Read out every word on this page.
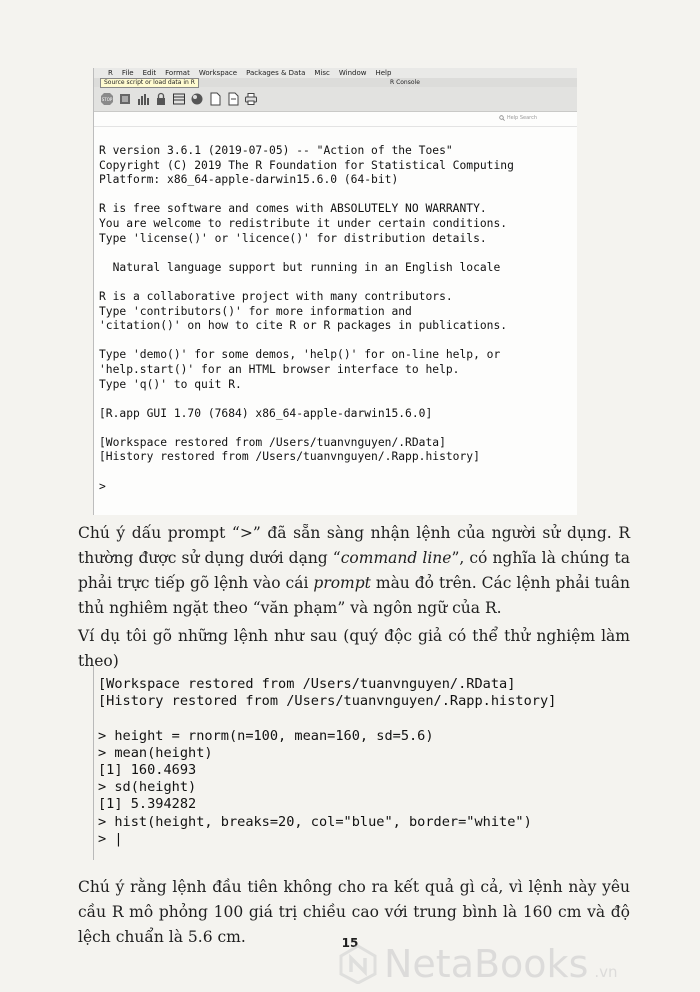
R File Edit Format Workspace Packages & Data Misc Window Help
Source script or load data in R	R Console
STOP
Help Search
R version 3.6.1 (2019-07-05) -- "Action of the Toes"
Copyright (C) 2019 The R Foundation for Statistical Computing
Platform: x86_64-apple-darwin15.6.0 (64-bit)

R is free software and comes with ABSOLUTELY NO WARRANTY.
You are welcome to redistribute it under certain conditions.
Type 'license()' or 'licence()' for distribution details.

Natural language support but running in an English locale

R is a collaborative project with many contributors.
Type 'contributors()' for more information and
'citation()' on how to cite R or R packages in publications.

Type 'demo()' for some demos, 'help()' for on-line help, or
'help.start()' for an HTML browser interface to help.
Type 'q()' to quit R.

[R.app GUI 1.70 (7684) x86_64-apple-darwin15.6.0]

[Workspace restored from /Users/tuanvnguyen/.RData]
[History restored from /Users/tuanvnguyen/.Rapp.history]

>

Chú ý dấu prompt “>” đã sẵn sàng nhận lệnh của người sử dụng. R thường được sử dụng dưới dạng “command line”, có nghĩa là chúng ta phải trực tiếp gõ lệnh vào cái prompt màu đỏ trên. Các lệnh phải tuân thủ nghiêm ngặt theo “văn phạm” và ngôn ngữ của R.

Ví dụ tôi gõ những lệnh như sau (quý độc giả có thể thử nghiệm làm theo)

[Workspace restored from /Users/tuanvnguyen/.RData]
[History restored from /Users/tuanvnguyen/.Rapp.history]

> height = rnorm(n=100, mean=160, sd=5.6)
> mean(height)
[1] 160.4693
> sd(height)
[1] 5.394282
> hist(height, breaks=20, col="blue", border="white")
> |

Chú ý rằng lệnh đầu tiên không cho ra kết quả gì cả, vì lệnh này yêu cầu R mô phỏng 100 giá trị chiều cao với trung bình là 160 cm và độ lệch chuẩn là 5.6 cm.	15 NetaBooks .vn
